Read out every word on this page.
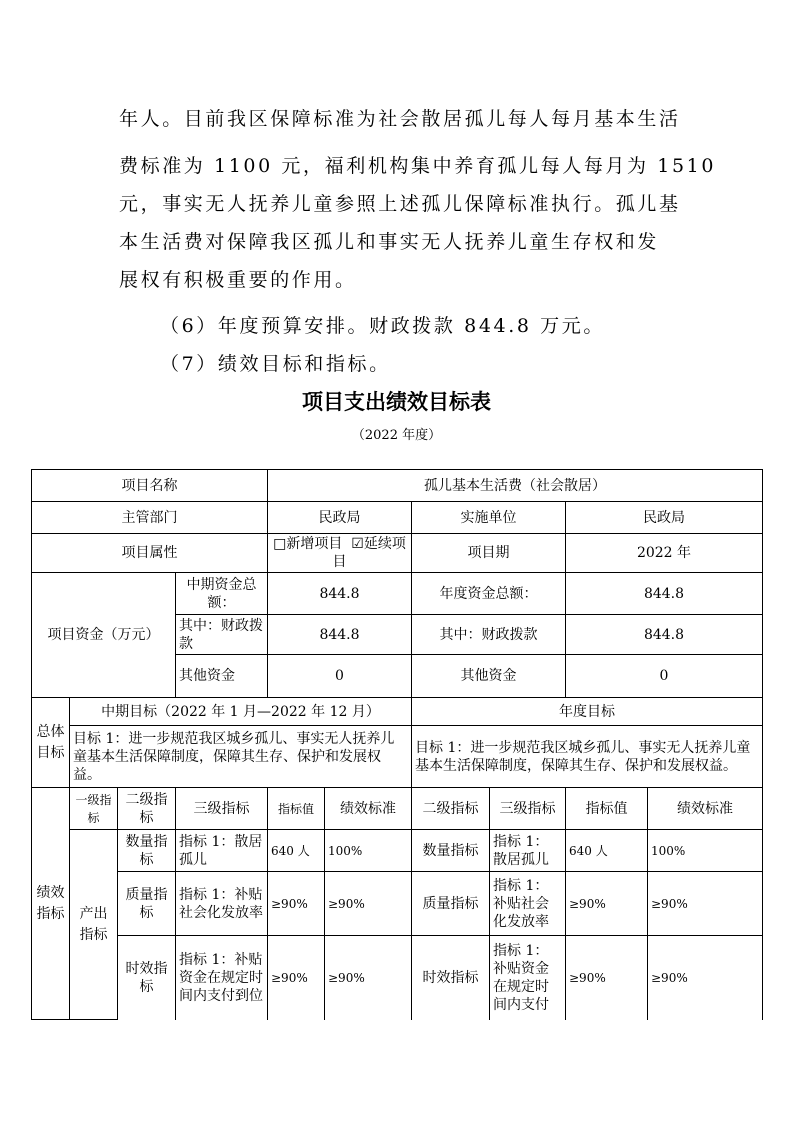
年人。目前我区保障标准为社会散居孤儿每人每月基本生活
费标准为 1100 元，福利机构集中养育孤儿每人每月为 1510
元，事实无人抚养儿童参照上述孤儿保障标准执行。孤儿基
本生活费对保障我区孤儿和事实无人抚养儿童生存权和发
展权有积极重要的作用。
（6）年度预算安排。财政拨款 844.8 万元。
（7）绩效目标和指标。
项目支出绩效目标表
（2022 年度）
项目名称				孤儿基本生活费（社会散居）					
主管部门				民政局		实施单位		民政局	
项目属性				□新增项目 ☑延续项目		项目期		2022 年	
项目资金（万元）			中期资金总额：	844.8		年度资金总额：		844.8	
			其中：财政拨款	844.8		其中：财政拨款		844.8	
			其他资金	0		其他资金		0	
总体目标	中期目标（2022 年 1 月—2022 年 12 月）					年度目标			
	目标 1：进一步规范我区城乡孤儿、事实无人抚养儿童基本生活保障制度，保障其生存、保护和发展权益。					目标 1：进一步规范我区城乡孤儿、事实无人抚养儿童基本生活保障制度，保障其生存、保护和发展权益。			
绩效指标	一级指标	二级指标	三级指标	指标值	绩效标准	二级指标	三级指标	指标值	绩效标准
	产出指标	数量指标	指标 1：散居孤儿	640 人	100%	数量指标	指标 1：散居孤儿	640 人	100%
		质量指标	指标 1：补贴社会化发放率	≥90%	≥90%	质量指标	指标 1：补贴社会化发放率	≥90%	≥90%
		时效指标	指标 1：补贴资金在规定时间内支付到位	≥90%	≥90%	时效指标	指标 1：补贴资金在规定时间内支付	≥90%	≥90%
